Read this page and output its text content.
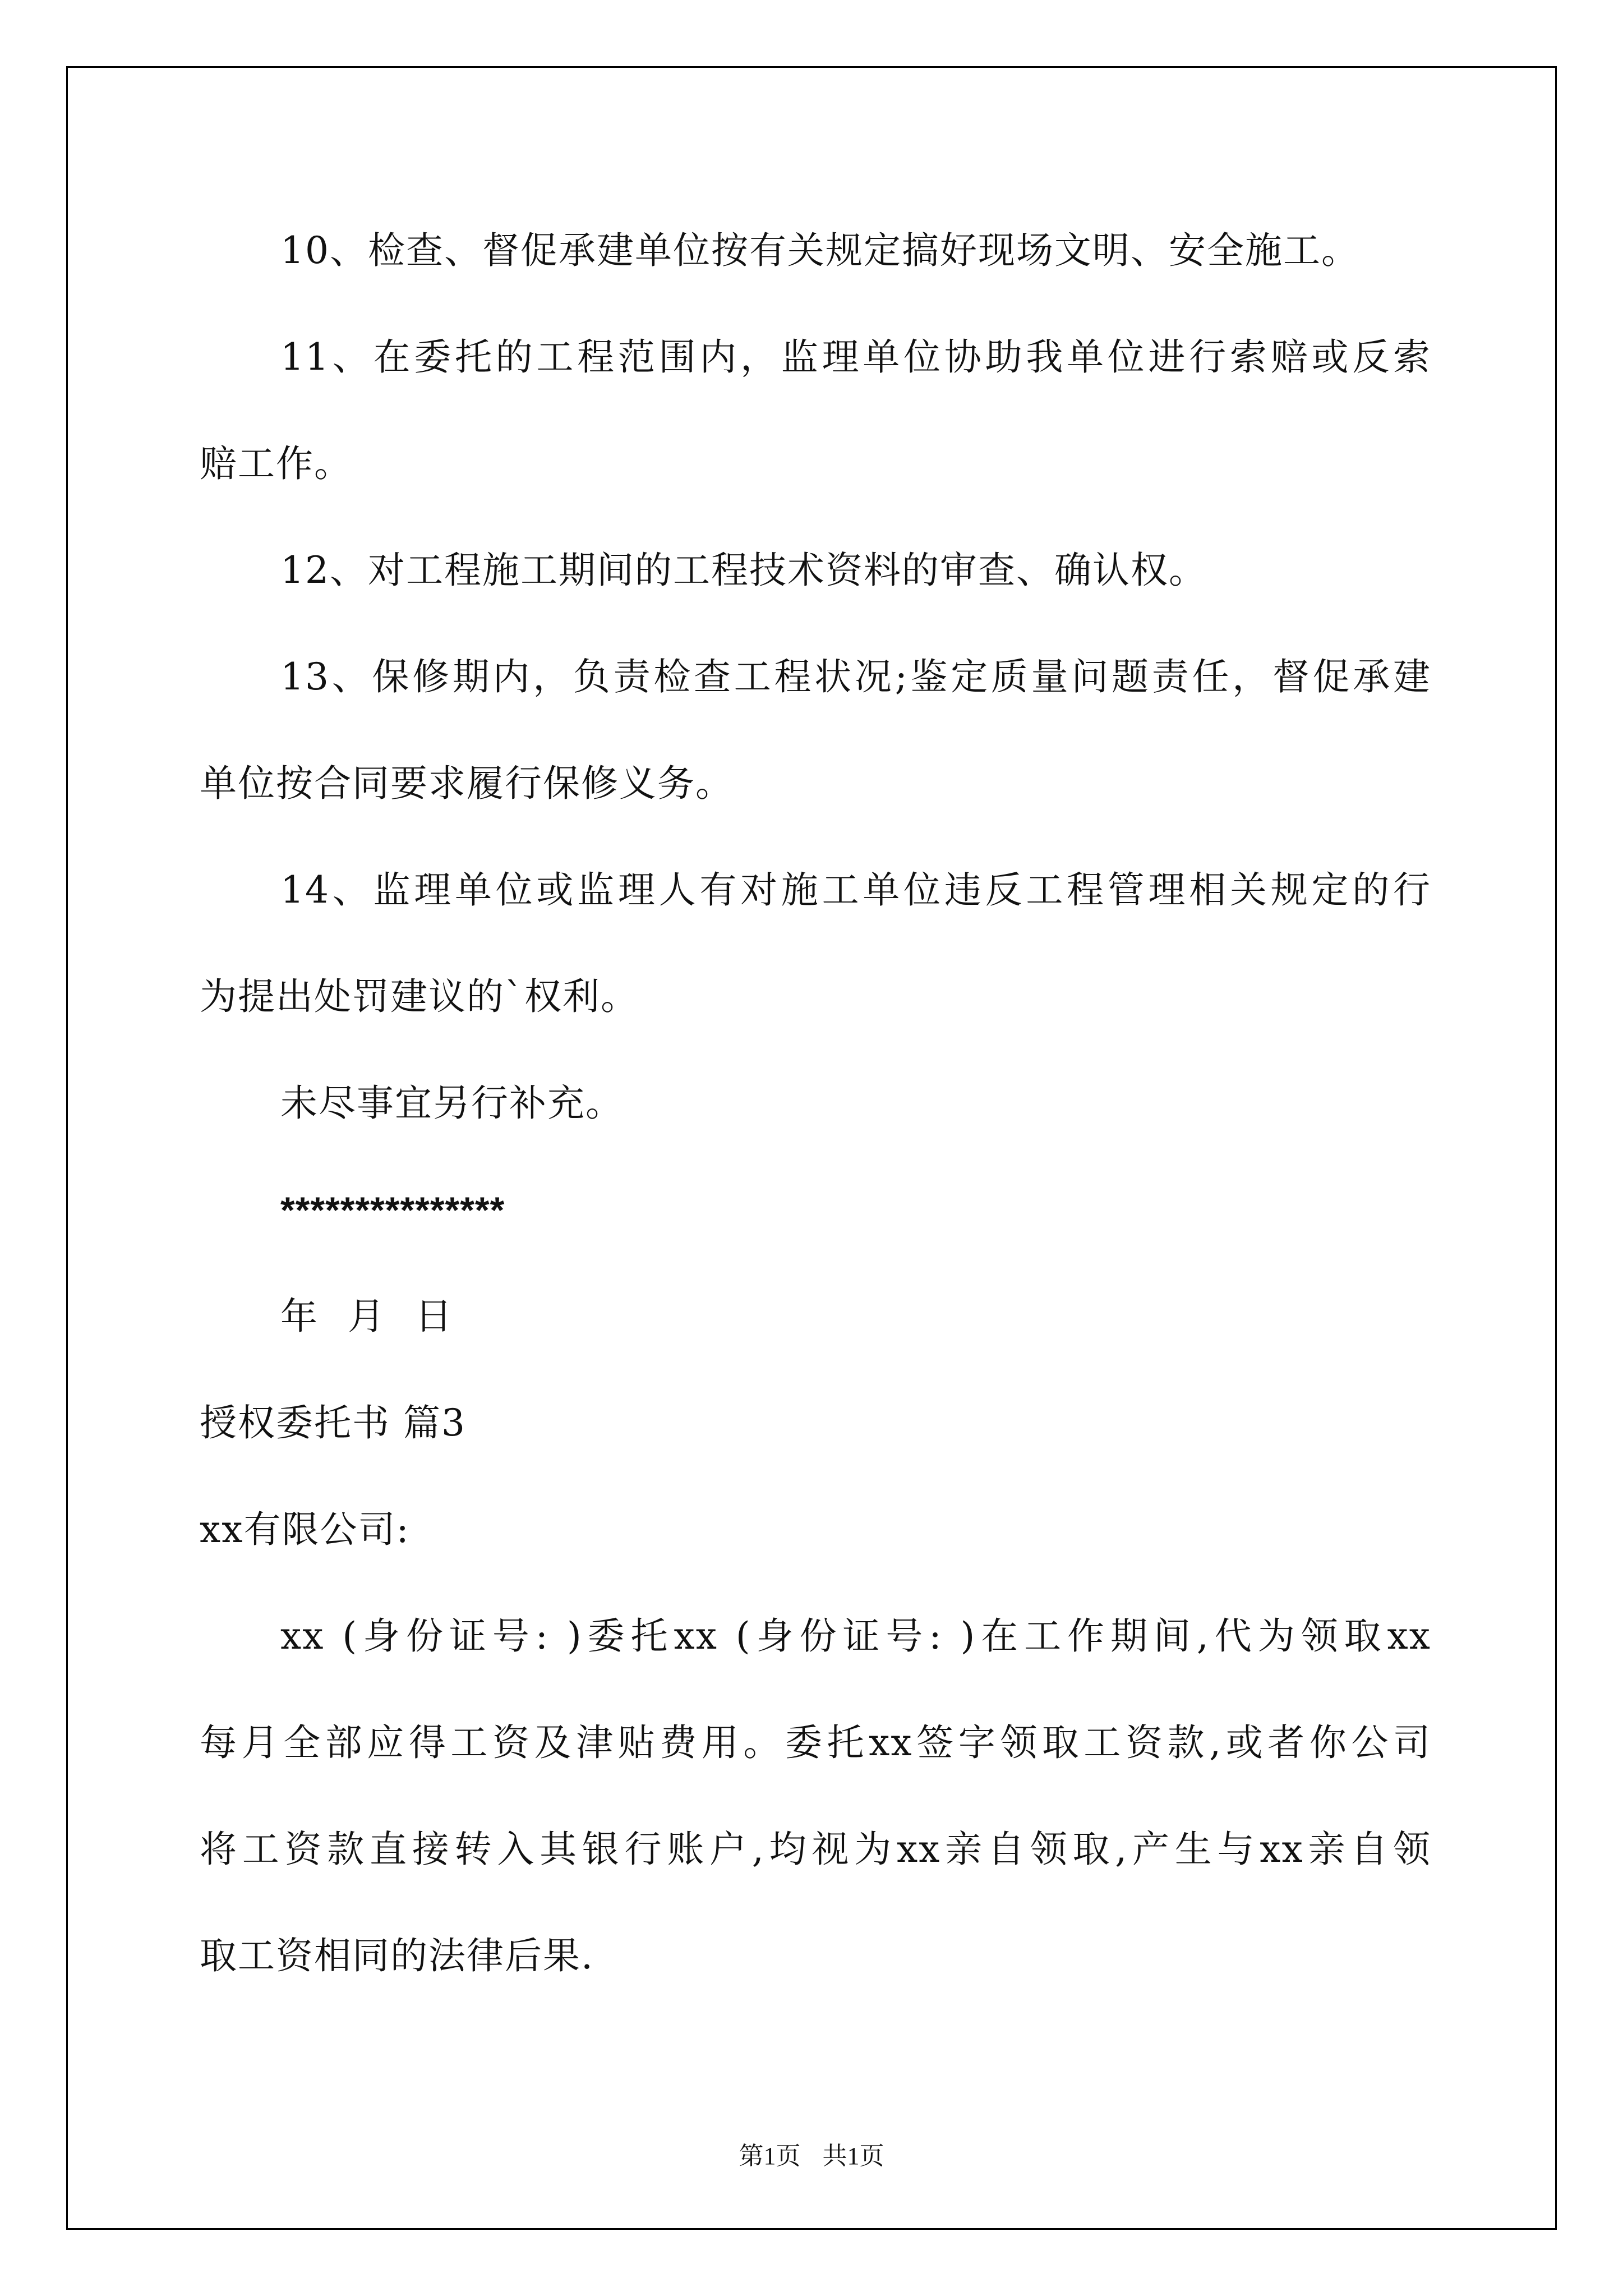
10、检查、督促承建单位按有关规定搞好现场文明、安全施工。

11、在委托的工程范围内，监理单位协助我单位进行索赔或反索

赔工作。

12、对工程施工期间的工程技术资料的审查、确认权。

13、保修期内，负责检查工程状况;鉴定质量问题责任，督促承建

单位按合同要求履行保修义务。

14、监理单位或监理人有对施工单位违反工程管理相关规定的行

为提出处罚建议的`权利。

未尽事宜另行补充。

***************

年 月 日

授权委托书 篇3

xx有限公司:

xx (身份证号: )委托xx (身份证号: )在工作期间,代为领取xx

每月全部应得工资及津贴费用。委托xx签字领取工资款,或者你公司

将工资款直接转入其银行账户,均视为xx亲自领取,产生与xx亲自领

取工资相同的法律后果.

第1页 共1页
